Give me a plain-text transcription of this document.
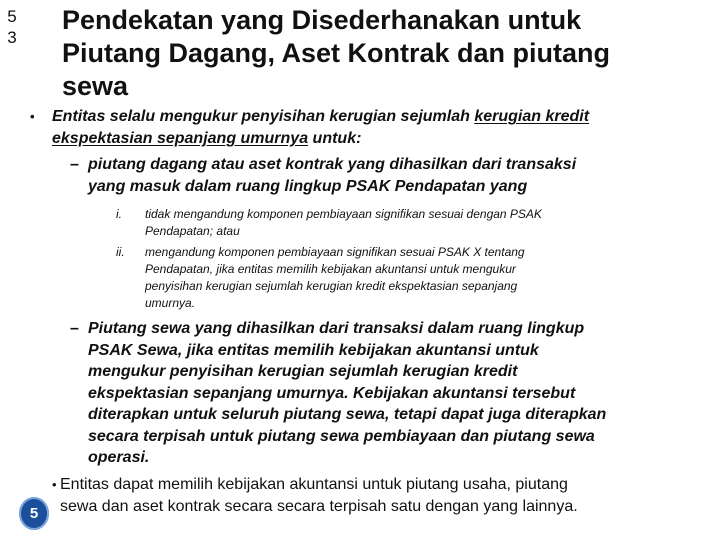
5
3
Pendekatan yang Disederhanakan untuk
Piutang Dagang, Aset Kontrak dan piutang
sewa
•	Entitas selalu mengukur penyisihan kerugian sejumlah kerugian kredit
ekspektasian sepanjang umurnya untuk:
– piutang dagang atau aset kontrak yang dihasilkan dari transaksi
yang masuk dalam ruang lingkup PSAK Pendapatan yang
i.	tidak mengandung komponen pembiayaan signifikan sesuai dengan PSAK
Pendapatan; atau
ii.	mengandung komponen pembiayaan signifikan sesuai PSAK X tentang
Pendapatan, jika entitas memilih kebijakan akuntansi untuk mengukur
penyisihan kerugian sejumlah kerugian kredit ekspektasian sepanjang
umurnya.
– Piutang sewa yang dihasilkan dari transaksi dalam ruang lingkup
PSAK Sewa, jika entitas memilih kebijakan akuntansi untuk
mengukur penyisihan kerugian sejumlah kerugian kredit
ekspektasian sepanjang umurnya. Kebijakan akuntansi tersebut
diterapkan untuk seluruh piutang sewa, tetapi dapat juga diterapkan
secara terpisah untuk piutang sewa pembiayaan dan piutang sewa
operasi.
• Entitas dapat memilih kebijakan akuntansi untuk piutang usaha, piutang
sewa dan aset kontrak secara secara terpisah satu dengan yang lainnya.
5
